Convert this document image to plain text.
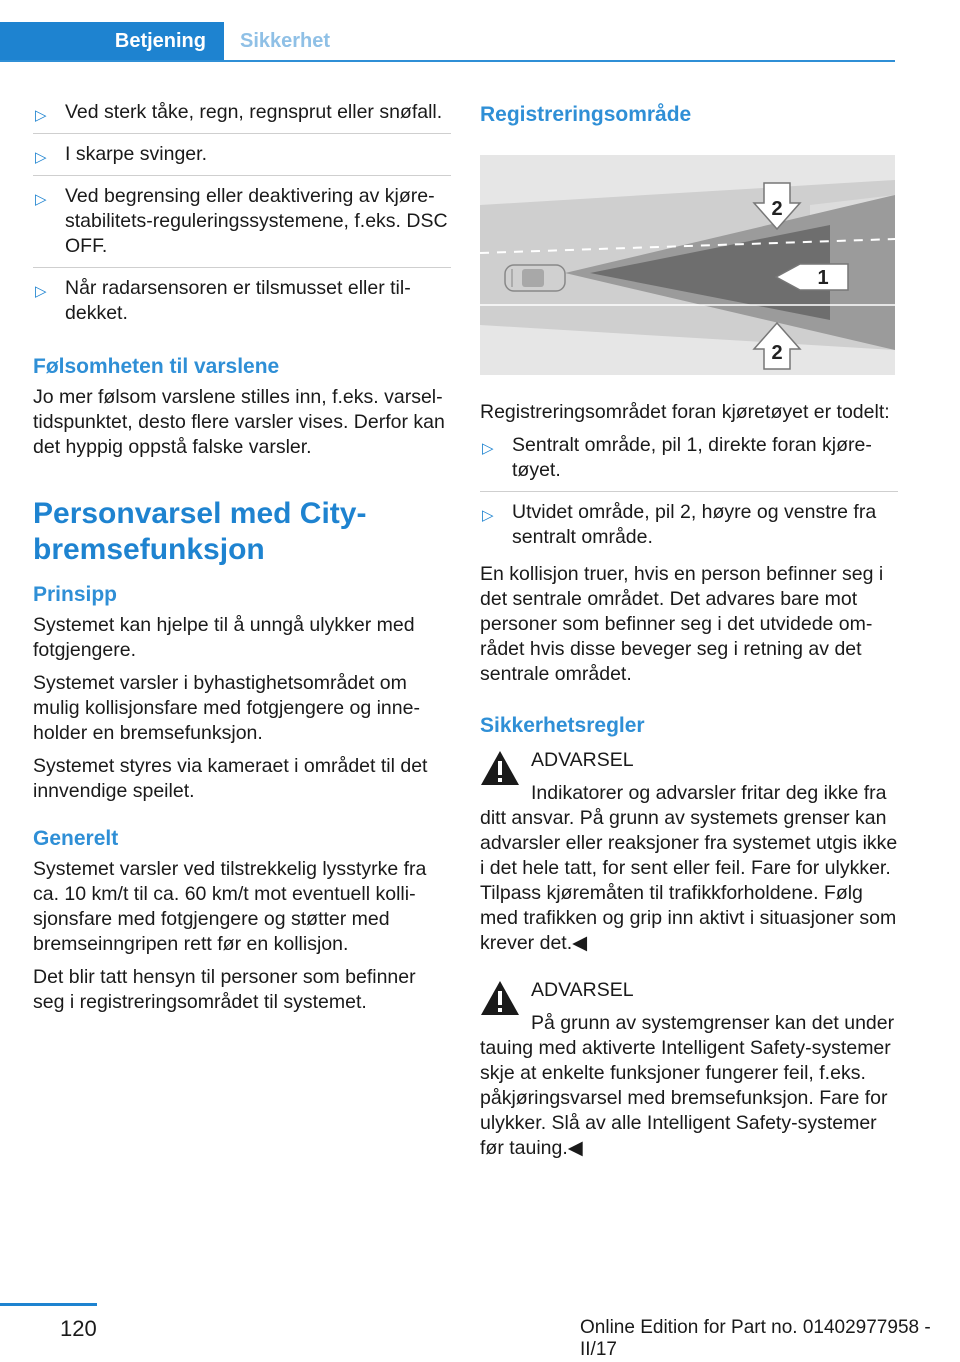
Betjening	Sikkerhet
▷ Ved sterk tåke, regn, regnsprut eller snøfall.
▷ I skarpe svinger.
▷ Ved begrensing eller deaktivering av kjørestabilitets-reguleringssystemene, f.eks. DSC OFF.
▷ Når radarsensoren er tilsmusset eller tildekket.
Følsomheten til varslene

Jo mer følsom varslene stilles inn, f.eks. varseltidspunktet, desto flere varsler vises. Derfor kan det hyppig oppstå falske varsler.

Personvarsel med City-bremsefunksjon
Prinsipp

Systemet kan hjelpe til å unngå ulykker med fotgjengere.

Systemet varsler i byhastighetsområdet om mulig kollisjonsfare med fotgjengere og inneholder en bremsefunksjon.

Systemet styres via kameraet i området til det innvendige speilet.

Generelt

Systemet varsler ved tilstrekkelig lysstyrke fra ca. 10 km/t til ca. 60 km/t mot eventuell kollisjonsfare med fotgjengere og støtter med bremseinngripen rett før en kollisjon.

Det blir tatt hensyn til personer som befinner seg i registreringsområdet til systemet.

Registreringsområde
2
1
2

Registreringsområdet foran kjøretøyet er todelt:

▷ Sentralt område, pil 1, direkte foran kjøretøyet.
▷ Utvidet område, pil 2, høyre og venstre fra sentralt område.

En kollisjon truer, hvis en person befinner seg i det sentrale området. Det advares bare mot personer som befinner seg i det utvidede området hvis disse beveger seg i retning av det sentrale området.

Sikkerhetsregler
ADVARSEL
Indikatorer og advarsler fritar deg ikke fra ditt ansvar. På grunn av systemets grenser kan advarsler eller reaksjoner fra systemet utgis ikke i det hele tatt, for sent eller feil. Fare for ulykker. Tilpass kjøremåten til trafikkforholdene. Følg med trafikken og grip inn aktivt i situasjoner som krever det.◀
ADVARSEL
På grunn av systemgrenser kan det under tauing med aktiverte Intelligent Safety-systemer skje at enkelte funksjoner fungerer feil, f.eks. påkjøringsvarsel med bremsefunksjon. Fare for ulykker. Slå av alle Intelligent Safety-systemer før tauing.◀
120	Online Edition for Part no. 01402977958 - II/17
